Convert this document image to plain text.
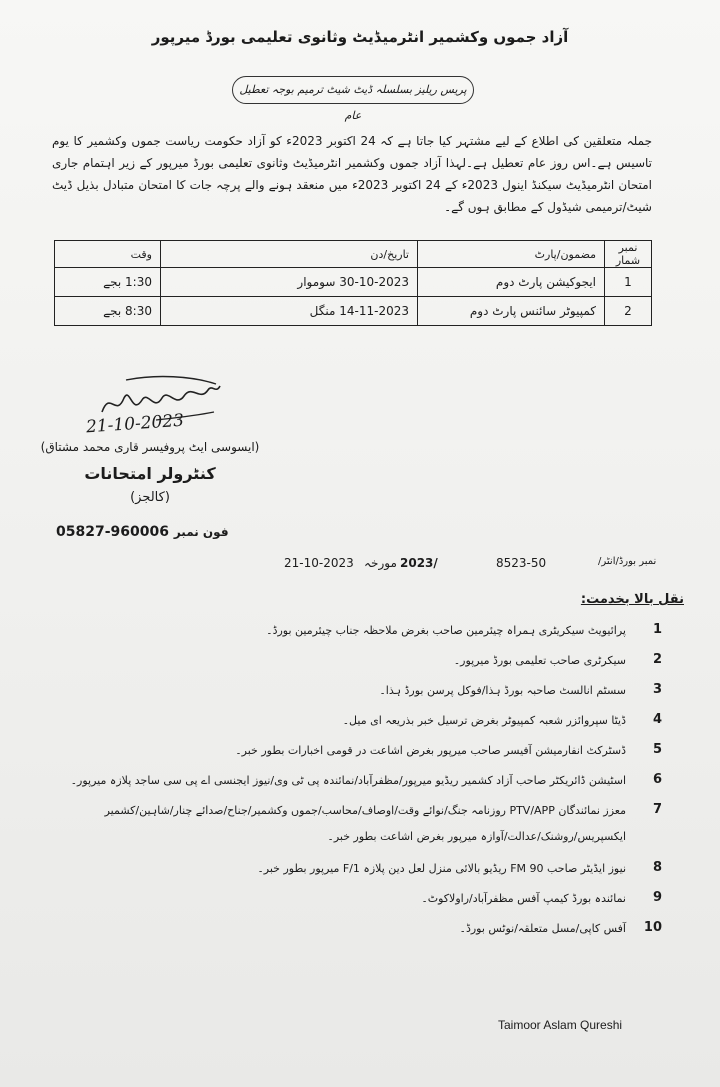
آزاد جموں وکشمیر انٹرمیڈیٹ وثانوی تعلیمی بورڈ میرپور
پریس ریلیز بسلسلہ ڈیٹ شیٹ ترمیم بوجہ تعطیل عام
جملہ متعلقین کی اطلاع کے لیے مشتہر کیا جاتا ہے کہ 24 اکتوبر 2023ء کو آزاد حکومت ریاست جموں وکشمیر کا یوم تاسیس ہے۔اس روز عام تعطیل ہے۔لہذا آزاد جموں وکشمیر انٹرمیڈیٹ وثانوی تعلیمی بورڈ میرپور کے زیر اہتمام جاری امتحان انٹرمیڈیٹ سیکنڈ اینول 2023ء کے 24 اکتوبر 2023ء میں منعقد ہونے والے پرچہ جات کا امتحان متبادل بذیل ڈیٹ شیٹ/ترمیمی شیڈول کے مطابق ہوں گے۔
نمبر شمار	مضمون/پارٹ	تاریخ/دن	وقت
1	ایجوکیشن پارٹ دوم	30-10-2023 سوموار	1:30 بجے
2	کمپیوٹر سائنس پارٹ دوم	14-11-2023 منگل	8:30 بجے
21-10-2023
(ایسوسی ایٹ پروفیسر قاری محمد مشتاق)
کنٹرولر امتحانات
(کالجز)
05827-960006 فون نمبر
21-10-2023 مورخہ 2023/	8523-50	نمبر بورڈ/انٹر/
نقل بالا بخدمت:
1
پرائیویٹ سیکریٹری ہمراہ چیئرمین صاحب بغرض ملاحظہ جناب چیئرمین بورڈ۔
2
سیکرٹری صاحب تعلیمی بورڈ میرپور۔
3
سسٹم انالسٹ صاحبہ بورڈ ہذا/فوکل پرسن بورڈ ہذا۔
4
ڈیٹا سپروائزر شعبہ کمپیوٹر بغرض ترسیل خبر بذریعہ ای میل۔
5
ڈسٹرکٹ انفارمیشن آفیسر صاحب میرپور بغرض اشاعت در قومی اخبارات بطور خبر۔
6
اسٹیشن ڈائریکٹر صاحب آزاد کشمیر ریڈیو میرپور/مظفرآباد/نمائندہ پی ٹی وی/نیوز ایجنسی اے پی سی ساجد پلازہ میرپور۔
7
معزز نمائندگان PTV/APP روزنامہ جنگ/نوائے وقت/اوصاف/محاسب/جموں وکشمیر/جناح/صدائے چنار/شاہین/کشمیر ایکسپریس/روشنک/عدالت/آوازہ میرپور بغرض اشاعت بطور خبر۔
8
نیوز ایڈیٹر صاحب FM 90 ریڈیو بالائی منزل لعل دین پلازہ F/1 میرپور بطور خبر۔
9
نمائندہ بورڈ کیمپ آفس مظفرآباد/راولاکوٹ۔
10
آفس کاپی/مسل متعلقہ/نوٹس بورڈ۔
Taimoor Aslam Qureshi
